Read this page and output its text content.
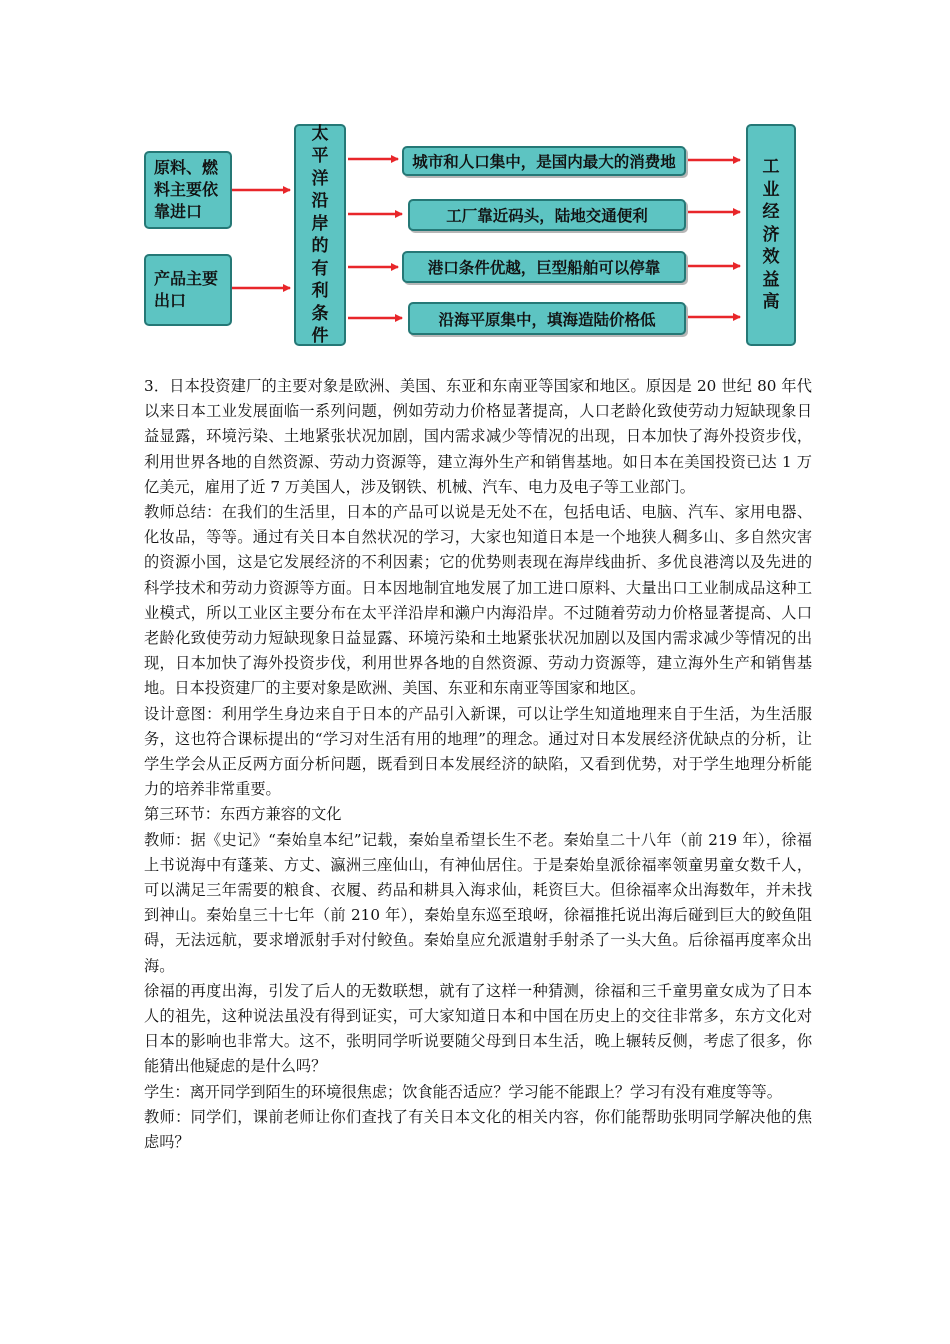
原料、燃料主要依靠进口
产品主要出口
太
平
洋
沿
岸
的
有
利
条
件
城市和人口集中，是国内最大的消费地
工厂靠近码头，陆地交通便利
港口条件优越，巨型船舶可以停靠
沿海平原集中，填海造陆价格低
工
业
经
济
效
益
高

3．日本投资建厂的主要对象是欧洲、美国、东亚和东南亚等国家和地区。原因是 20 世纪 80 年代以来日本工业发展面临一系列问题，例如劳动力价格显著提高，人口老龄化致使劳动力短缺现象日益显露，环境污染、土地紧张状况加剧，国内需求减少等情况的出现，日本加快了海外投资步伐，利用世界各地的自然资源、劳动力资源等，建立海外生产和销售基地。如日本在美国投资已达 1 万亿美元，雇用了近 7 万美国人，涉及钢铁、机械、汽车、电力及电子等工业部门。

教师总结：在我们的生活里，日本的产品可以说是无处不在，包括电话、电脑、汽车、家用电器、化妆品，等等。通过有关日本自然状况的学习，大家也知道日本是一个地狭人稠多山、多自然灾害的资源小国，这是它发展经济的不利因素；它的优势则表现在海岸线曲折、多优良港湾以及先进的科学技术和劳动力资源等方面。日本因地制宜地发展了加工进口原料、大量出口工业制成品这种工业模式，所以工业区主要分布在太平洋沿岸和濑户内海沿岸。不过随着劳动力价格显著提高、人口老龄化致使劳动力短缺现象日益显露、环境污染和土地紧张状况加剧以及国内需求减少等情况的出现，日本加快了海外投资步伐，利用世界各地的自然资源、劳动力资源等，建立海外生产和销售基地。日本投资建厂的主要对象是欧洲、美国、东亚和东南亚等国家和地区。

设计意图：利用学生身边来自于日本的产品引入新课，可以让学生知道地理来自于生活，为生活服务，这也符合课标提出的“学习对生活有用的地理”的理念。通过对日本发展经济优缺点的分析，让学生学会从正反两方面分析问题，既看到日本发展经济的缺陷，又看到优势，对于学生地理分析能力的培养非常重要。

第三环节：东西方兼容的文化

教师：据《史记》“秦始皇本纪”记载，秦始皇希望长生不老。秦始皇二十八年（前 219 年），徐福上书说海中有蓬莱、方丈、瀛洲三座仙山，有神仙居住。于是秦始皇派徐福率领童男童女数千人，可以满足三年需要的粮食、衣履、药品和耕具入海求仙，耗资巨大。但徐福率众出海数年，并未找到神山。秦始皇三十七年（前 210 年），秦始皇东巡至琅岈，徐福推托说出海后碰到巨大的鲛鱼阻碍，无法远航，要求增派射手对付鲛鱼。秦始皇应允派遣射手射杀了一头大鱼。后徐福再度率众出海。

徐福的再度出海，引发了后人的无数联想，就有了这样一种猜测，徐福和三千童男童女成为了日本人的祖先，这种说法虽没有得到证实，可大家知道日本和中国在历史上的交往非常多，东方文化对日本的影响也非常大。这不，张明同学听说要随父母到日本生活，晚上辗转反侧，考虑了很多，你能猜出他疑虑的是什么吗？

学生：离开同学到陌生的环境很焦虑；饮食能否适应？学习能不能跟上？学习有没有难度等等。

教师：同学们，课前老师让你们查找了有关日本文化的相关内容，你们能帮助张明同学解决他的焦虑吗？
